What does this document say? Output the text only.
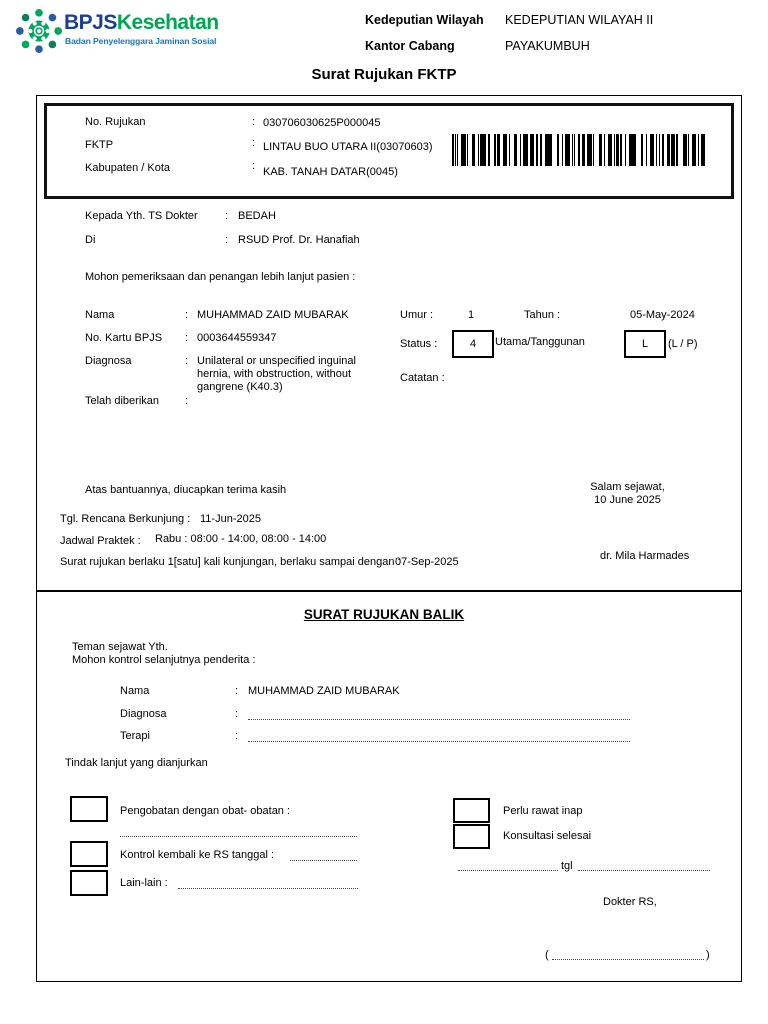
BPJSKesehatan
Badan Penyelenggara Jaminan Sosial
Kedeputian Wilayah KEDEPUTIAN WILAYAH II
Kantor Cabang	PAYAKUMBUH
Surat Rujukan FKTP
No. Rujukan	: 030706030625P000045
FKTP	: LINTAU BUO UTARA II(03070603)
Kabupaten / Kota	: KAB. TANAH DATAR(0045)
Kepada Yth. TS Dokter : BEDAH
Di	: RSUD Prof. Dr. Hanafiah
Mohon pemeriksaan dan penangan lebih lanjut pasien :
Nama	: MUHAMMAD ZAID MUBARAK
No. Kartu BPJS : 0003644559347
Diagnosa	: Unilateral or unspecified inguinal hernia, with obstruction, without gangrene (K40.3)
Telah diberikan :
Umur :	1	Tahun :	05-May-2024
Status :	4 Utama/Tanggunan	L (L / P)
Catatan :
Atas bantuannya, diucapkan terima kasih	Salam sejawat,
10 June 2025
Tgl. Rencana Berkunjung : 11-Jun-2025
Jadwal Praktek : Rabu : 08:00 - 14:00, 08:00 - 14:00
Surat rujukan berlaku 1[satu] kali kunjungan, berlaku sampai dengan :
07-Sep-2025	dr. Mila Harmades
SURAT RUJUKAN BALIK
Teman sejawat Yth.
Mohon kontrol selanjutnya penderita :
Nama	: MUHAMMAD ZAID MUBARAK
Diagnosa	:
Terapi	:
Tindak lanjut yang dianjurkan
Pengobatan dengan obat- obatan :
Kontrol kembali ke RS tanggal :
Lain-lain :
Perlu rawat inap
Konsultasi selesai
tgl
Dokter RS,
(	)
